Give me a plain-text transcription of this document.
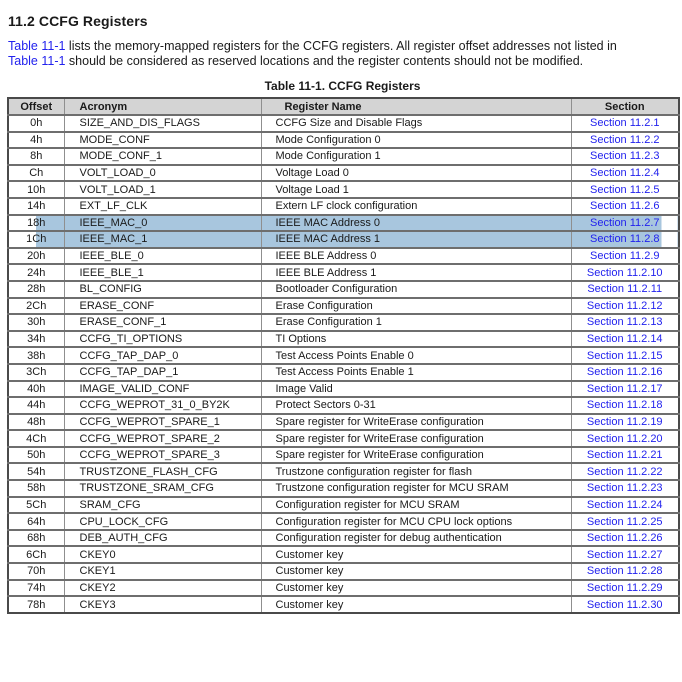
11.2 CCFG Registers

Table 11-1 lists the memory-mapped registers for the CCFG registers. All register offset addresses not listed in
Table 11-1 should be considered as reserved locations and the register contents should not be modified.

Table 11-1. CCFG Registers
Offset	Acronym	Register Name	Section
0h	SIZE_AND_DIS_FLAGS	CCFG Size and Disable Flags	Section 11.2.1
4h	MODE_CONF	Mode Configuration 0	Section 11.2.2
8h	MODE_CONF_1	Mode Configuration 1	Section 11.2.3
Ch	VOLT_LOAD_0	Voltage Load 0	Section 11.2.4
10h	VOLT_LOAD_1	Voltage Load 1	Section 11.2.5
14h	EXT_LF_CLK	Extern LF clock configuration	Section 11.2.6
18h	IEEE_MAC_0	IEEE MAC Address 0	Section 11.2.7
1Ch	IEEE_MAC_1	IEEE MAC Address 1	Section 11.2.8
20h	IEEE_BLE_0	IEEE BLE Address 0	Section 11.2.9
24h	IEEE_BLE_1	IEEE BLE Address 1	Section 11.2.10
28h	BL_CONFIG	Bootloader Configuration	Section 11.2.11
2Ch	ERASE_CONF	Erase Configuration	Section 11.2.12
30h	ERASE_CONF_1	Erase Configuration 1	Section 11.2.13
34h	CCFG_TI_OPTIONS	TI Options	Section 11.2.14
38h	CCFG_TAP_DAP_0	Test Access Points Enable 0	Section 11.2.15
3Ch	CCFG_TAP_DAP_1	Test Access Points Enable 1	Section 11.2.16
40h	IMAGE_VALID_CONF	Image Valid	Section 11.2.17
44h	CCFG_WEPROT_31_0_BY2K	Protect Sectors 0-31	Section 11.2.18
48h	CCFG_WEPROT_SPARE_1	Spare register for WriteErase configuration	Section 11.2.19
4Ch	CCFG_WEPROT_SPARE_2	Spare register for WriteErase configuration	Section 11.2.20
50h	CCFG_WEPROT_SPARE_3	Spare register for WriteErase configuration	Section 11.2.21
54h	TRUSTZONE_FLASH_CFG	Trustzone configuration register for flash	Section 11.2.22
58h	TRUSTZONE_SRAM_CFG	Trustzone configuration register for MCU SRAM	Section 11.2.23
5Ch	SRAM_CFG	Configuration register for MCU SRAM	Section 11.2.24
64h	CPU_LOCK_CFG	Configuration register for MCU CPU lock options	Section 11.2.25
68h	DEB_AUTH_CFG	Configuration register for debug authentication	Section 11.2.26
6Ch	CKEY0	Customer key	Section 11.2.27
70h	CKEY1	Customer key	Section 11.2.28
74h	CKEY2	Customer key	Section 11.2.29
78h	CKEY3	Customer key	Section 11.2.30
